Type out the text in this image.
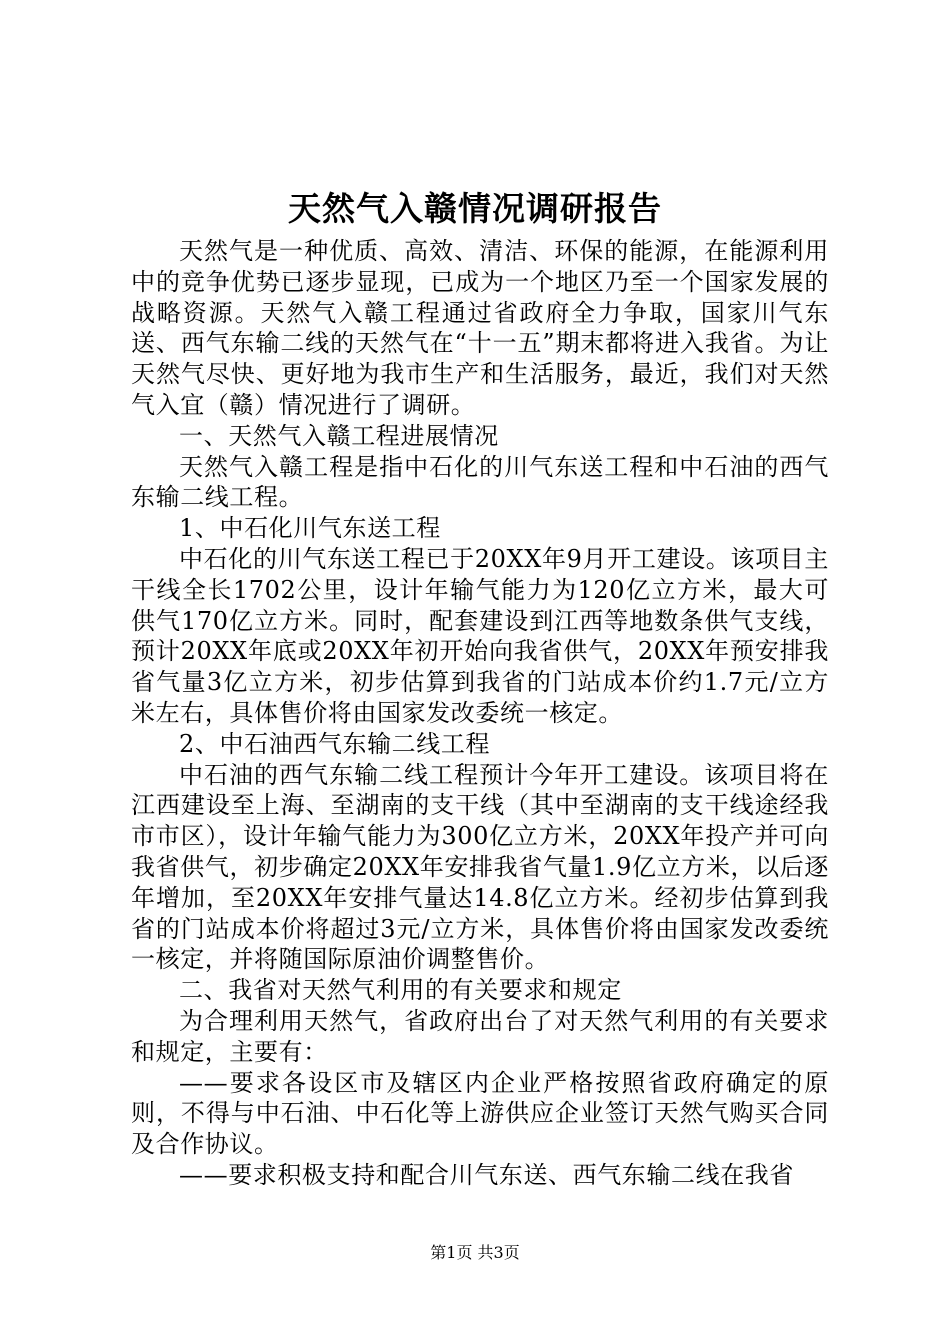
天然气入赣情况调研报告

天然气是一种优质、高效、清洁、环保的能源，在能源利用中的竞争优势已逐步显现，已成为一个地区乃至一个国家发展的战略资源。天然气入赣工程通过省政府全力争取，国家川气东送、西气东输二线的天然气在“十一五”期末都将进入我省。为让天然气尽快、更好地为我市生产和生活服务，最近，我们对天然气入宜（赣）情况进行了调研。

一、天然气入赣工程进展情况

天然气入赣工程是指中石化的川气东送工程和中石油的西气东输二线工程。

1、中石化川气东送工程

中石化的川气东送工程已于20XX年9月开工建设。该项目主干线全长1702公里，设计年输气能力为120亿立方米，最大可供气170亿立方米。同时，配套建设到江西等地数条供气支线，预计20XX年底或20XX年初开始向我省供气，20XX年预安排我省气量3亿立方米，初步估算到我省的门站成本价约1.7元/立方米左右，具体售价将由国家发改委统一核定。

2、中石油西气东输二线工程

中石油的西气东输二线工程预计今年开工建设。该项目将在江西建设至上海、至湖南的支干线（其中至湖南的支干线途经我市市区），设计年输气能力为300亿立方米，20XX年投产并可向我省供气，初步确定20XX年安排我省气量1.9亿立方米，以后逐年增加，至20XX年安排气量达14.8亿立方米。经初步估算到我省的门站成本价将超过3元/立方米，具体售价将由国家发改委统一核定，并将随国际原油价调整售价。

二、我省对天然气利用的有关要求和规定

为合理利用天然气，省政府出台了对天然气利用的有关要求和规定，主要有：

——要求各设区市及辖区内企业严格按照省政府确定的原则，不得与中石油、中石化等上游供应企业签订天然气购买合同及合作协议。

——要求积极支持和配合川气东送、西气东输二线在我省

第1页 共3页
